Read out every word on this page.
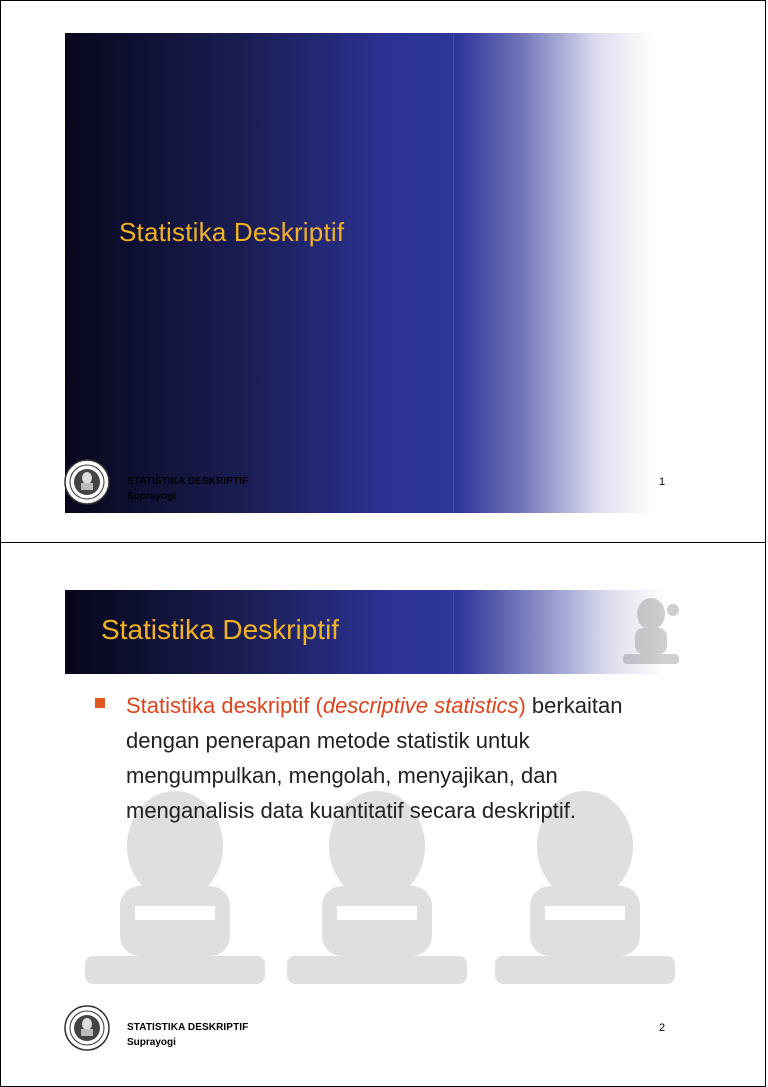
Statistika Deskriptif
STATISTIKA DESKRIPTIF
Suprayogi
1
Statistika Deskriptif

Statistika deskriptif (descriptive statistics) berkaitan dengan penerapan metode statistik untuk mengumpulkan, mengolah, menyajikan, dan menganalisis data kuantitatif secara deskriptif.

STATISTIKA DESKRIPTIF
Suprayogi
2
